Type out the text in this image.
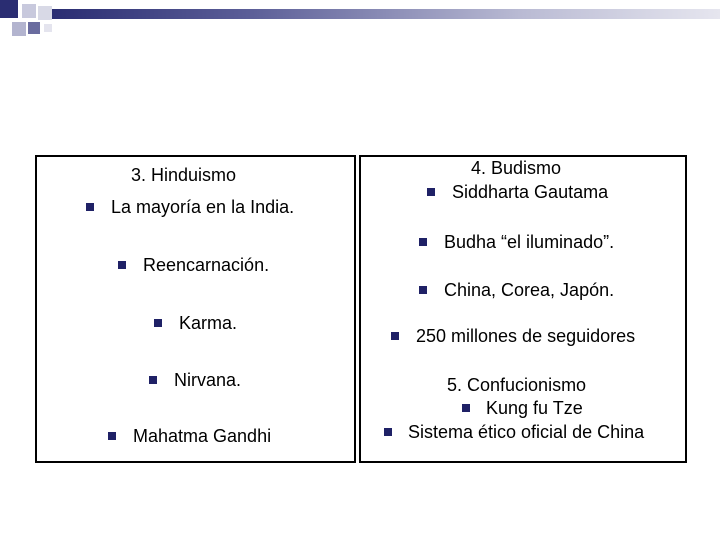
3. Hinduismo
La mayoría en la India.
Reencarnación.
Karma.
Nirvana.
Mahatma Gandhi
4. Budismo
Siddharta Gautama
Budha “el iluminado”.
China, Corea, Japón.
250 millones de seguidores
5. Confucionismo
Kung fu Tze
Sistema ético oficial de China
